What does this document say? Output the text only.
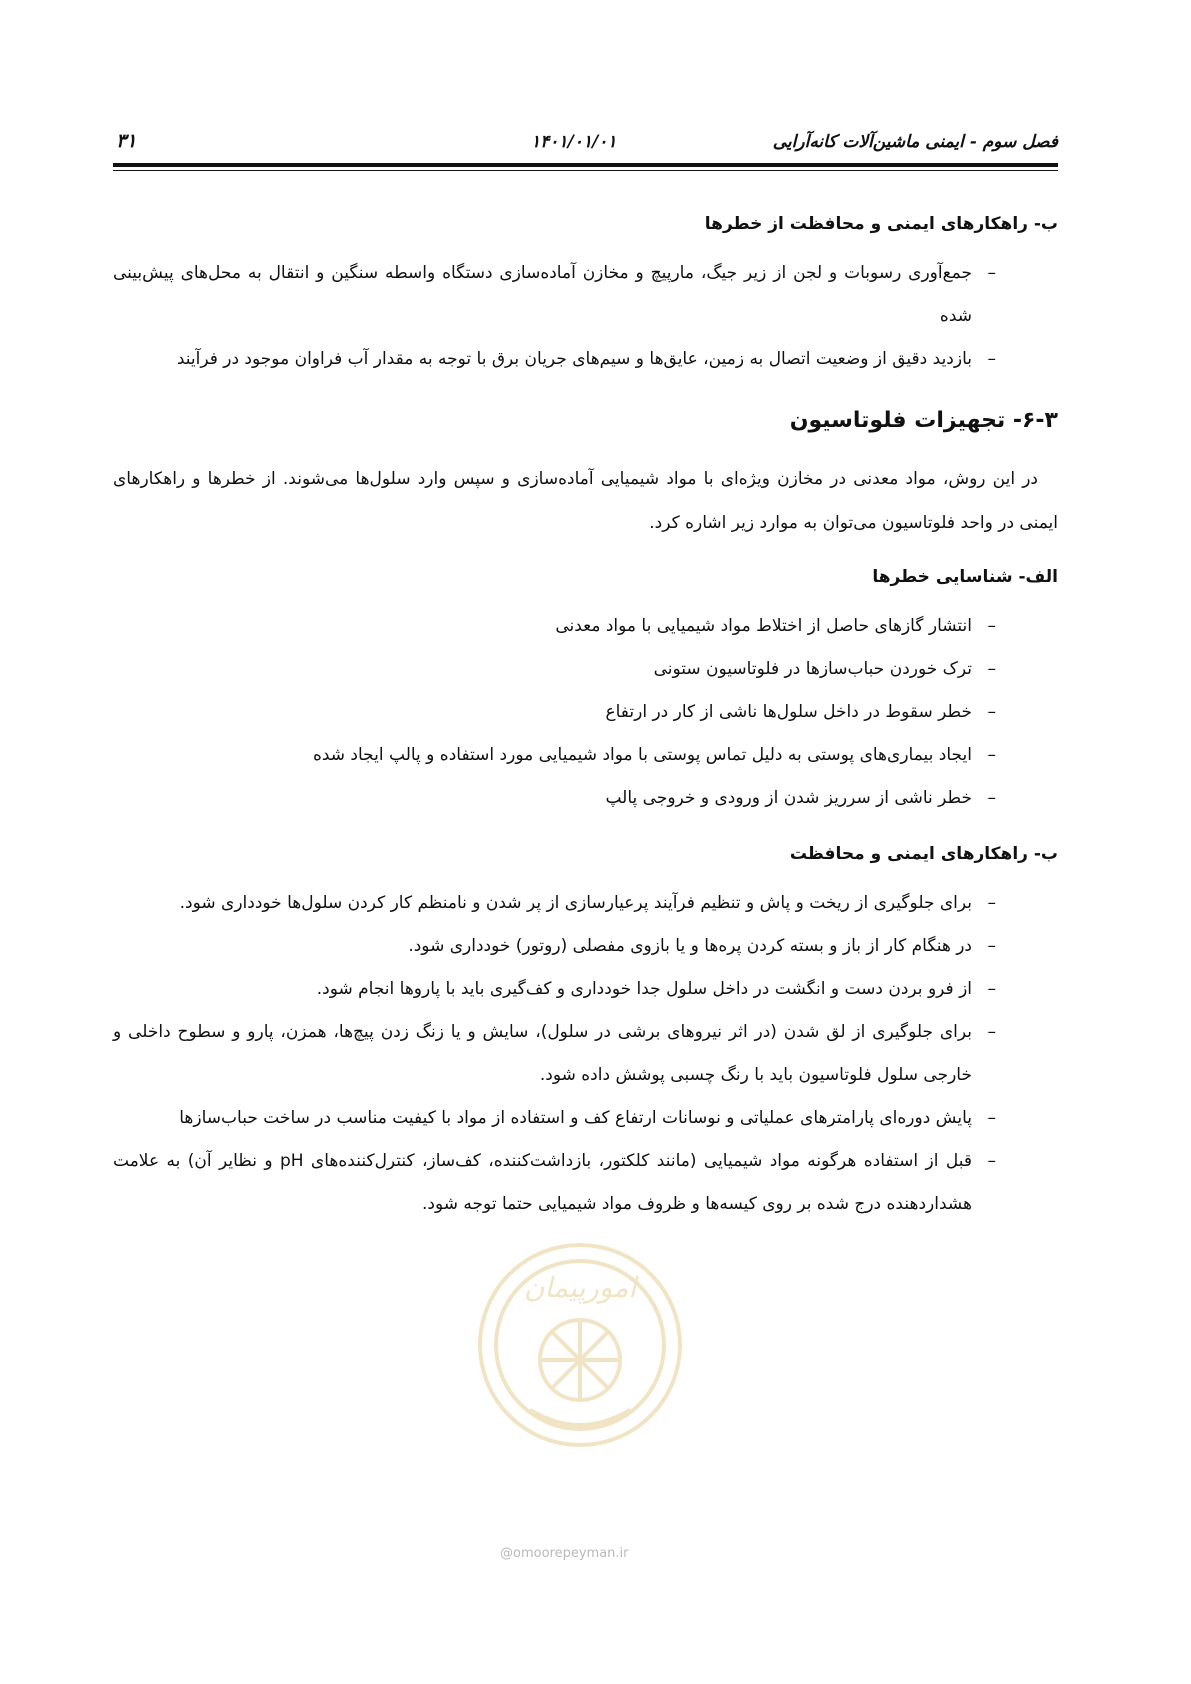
فصل سوم - ایمنی ماشین‌آلات کانه‌آرایی
۱۴۰۱/۰۱/۰۱
۳۱
ب- راهکارهای ایمنی و محافظت از خطرها
–
جمع‌آوری رسوبات و لجن از زیر جیگ، مارپیچ و مخازن آماده‌سازی دستگاه واسطه سنگین و انتقال به محل‌های پیش‌بینی شده
–
بازدید دقیق از وضعیت اتصال به زمین، عایق‌ها و سیم‌های جریان برق با توجه به مقدار آب فراوان موجود در فرآیند
۶-۳- تجهیزات فلوتاسیون

در این روش، مواد معدنی در مخازن ویژه‌ای با مواد شیمیایی آماده‌سازی و سپس وارد سلول‌ها می‌شوند. از خطرها و راهکارهای ایمنی در واحد فلوتاسیون می‌توان به موارد زیر اشاره کرد.

الف- شناسایی خطرها
–
انتشار گازهای حاصل از اختلاط مواد شیمیایی با مواد معدنی
–
ترک خوردن حباب‌سازها در فلوتاسیون ستونی
–
خطر سقوط در داخل سلول‌ها ناشی از کار در ارتفاع
–
ایجاد بیماری‌های پوستی به دلیل تماس پوستی با مواد شیمیایی مورد استفاده و پالپ ایجاد شده
–
خطر ناشی از سرریز شدن از ورودی و خروجی پالپ
ب- راهکارهای ایمنی و محافظت
–
برای جلوگیری از ریخت و پاش و تنظیم فرآیند پرعیارسازی از پر شدن و نامنظم کار کردن سلول‌ها خودداری شود.
–
در هنگام کار از باز و بسته کردن پره‌ها و یا بازوی مفصلی (روتور) خودداری شود.
–
از فرو بردن دست و انگشت در داخل سلول جدا خودداری و کف‌گیری باید با پاروها انجام شود.
–
برای جلوگیری از لق شدن (در اثر نیروهای برشی در سلول)، سایش و یا زنگ زدن پیچ‌ها، همزن، پارو و سطوح داخلی و خارجی سلول فلوتاسیون باید با رنگ چسبی پوشش داده شود.
–
پایش دوره‌ای پارامترهای عملیاتی و نوسانات ارتفاع کف و استفاده از مواد با کیفیت مناسب در ساخت حباب‌سازها
–
قبل از استفاده هرگونه مواد شیمیایی (مانند کلکتور، بازداشت‌کننده، کف‌ساز، کنترل‌کننده‌های pH و نظایر آن) به علامت هشداردهنده درج شده بر روی کیسه‌ها و ظروف مواد شیمیایی حتما توجه شود.
امورپیمان
@omoorepeyman.ir
